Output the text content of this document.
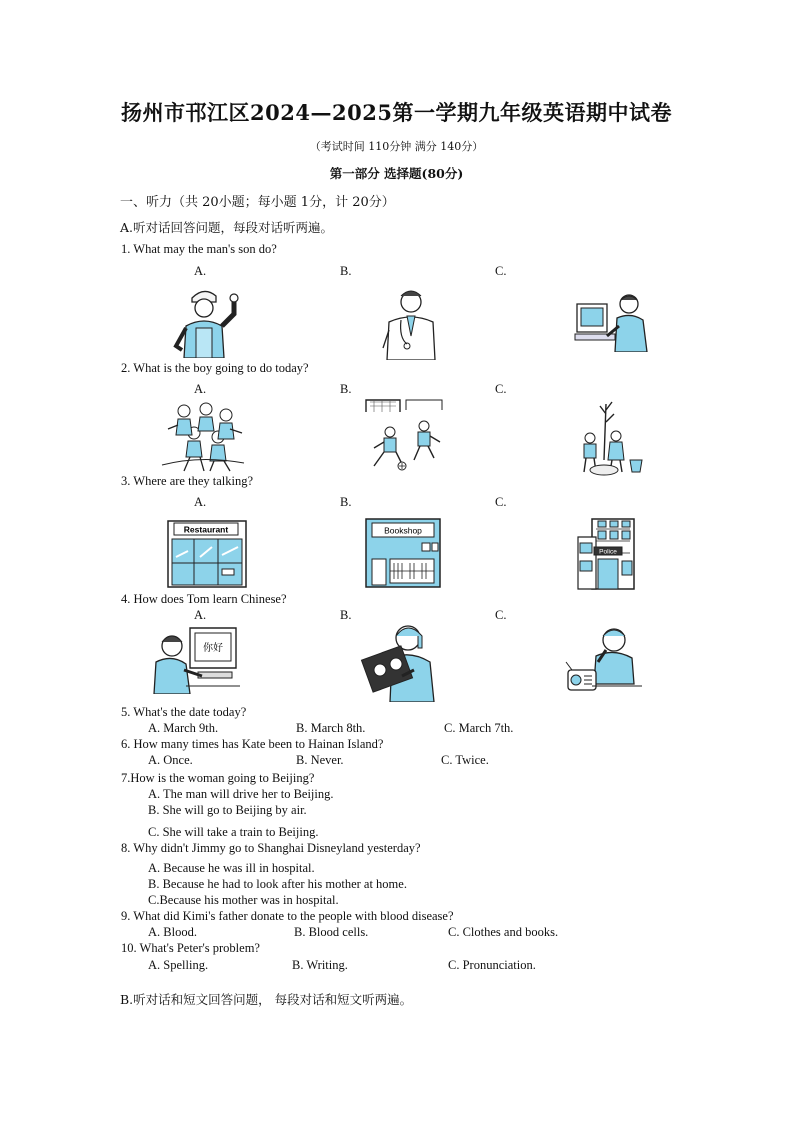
扬州市邗江区2024—2025第一学期九年级英语期中试卷
（考试时间 110分钟 满分 140分）
第一部分 选择题(80分)
一、听力（共 20小题；每小题 1分，计 20分）
A.听对话回答问题，每段对话听两遍。
1. What may the man's son do?
A.	B.	C.
2. What is the boy going to do today?
A.	B.	C.
3. Where are they talking?
A.	B.	C.
Restaurant	Bookshop
Police
4. How does Tom learn Chinese?
A.	B.	C.
你好
5. What's the date today?
A. March 9th.	B. March 8th.	C. March 7th.
6. How many times has Kate been to Hainan Island?
A. Once.	B. Never.	C. Twice.
7.How is the woman going to Beijing?
A. The man will drive her to Beijing.
B. She will go to Beijing by air.
C. She will take a train to Beijing.
8. Why didn't Jimmy go to Shanghai Disneyland yesterday?
A. Because he was ill in hospital.
B. Because he had to look after his mother at home.
C.Because his mother was in hospital.
9. What did Kimi's father donate to the people with blood disease?
A. Blood.	B. Blood cells.	C. Clothes and books.
10. What's Peter's problem?
A. Spelling.	B. Writing.	C. Pronunciation.
B.听对话和短文回答问题， 每段对话和短文听两遍。
